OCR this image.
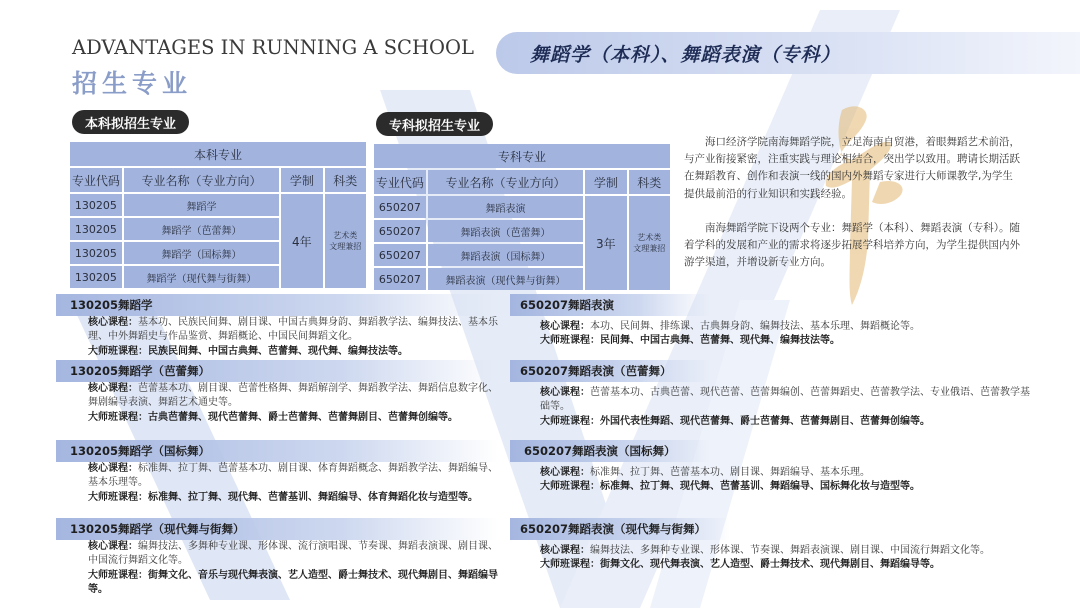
ADVANTAGES IN RUNNING A SCHOOL
招生专业
舞蹈学（本科）、舞蹈表演（专科）
本科拟招生专业	专科拟招生专业
本科专业			
专业代码	专业名称（专业方向）	学制	科类
130205	舞蹈学	4年	艺术类
文理兼招
130205	舞蹈学（芭蕾舞）		
130205	舞蹈学（国标舞）		
130205	舞蹈学（现代舞与街舞）		
专科专业			
专业代码	专业名称（专业方向）	学制	科类
650207	舞蹈表演	3年	艺术类
文理兼招
650207	舞蹈表演（芭蕾舞）		
650207	舞蹈表演（国标舞）		
650207	舞蹈表演（现代舞与街舞）		

海口经济学院南海舞蹈学院，立足海南自贸港，着眼舞蹈艺术前沿，与产业衔接紧密，注重实践与理论相结合，突出学以致用。聘请长期活跃在舞蹈教育、创作和表演一线的国内外舞蹈专家进行大师课教学,为学生提供最前沿的行业知识和实践经验。

南海舞蹈学院下设两个专业：舞蹈学（本科）、舞蹈表演（专科）。随着学科的发展和产业的需求将逐步拓展学科培养方向，为学生提供国内外游学渠道，并增设新专业方向。

130205舞蹈学
核心课程：基本功、民族民间舞、剧目课、中国古典舞身韵、舞蹈教学法、编舞技法、基本乐理、中外舞蹈史与作品鉴赏、舞蹈概论、中国民间舞蹈文化。
大师班课程：民族民间舞、中国古典舞、芭蕾舞、现代舞、编舞技法等。
130205舞蹈学（芭蕾舞）
核心课程：芭蕾基本功、剧目课、芭蕾性格舞、舞蹈解剖学、舞蹈教学法、舞蹈信息数字化、舞剧编导表演、舞蹈艺术通史等。
大师班课程：古典芭蕾舞、现代芭蕾舞、爵士芭蕾舞、芭蕾舞剧目、芭蕾舞创编等。
130205舞蹈学（国标舞）
核心课程：标准舞、拉丁舞、芭蕾基本功、剧目课、体育舞蹈概念、舞蹈教学法、舞蹈编导、基本乐理等。
大师班课程：标准舞、拉丁舞、现代舞、芭蕾基训、舞蹈编导、体育舞蹈化妆与造型等。
130205舞蹈学（现代舞与街舞）
核心课程：编舞技法、多舞种专业课、形体课、流行演唱课、节奏课、舞蹈表演课、剧目课、中国流行舞蹈文化等。
大师班课程：街舞文化、音乐与现代舞表演、艺人造型、爵士舞技术、现代舞剧目、舞蹈编导等。
650207舞蹈表演
核心课程：本功、民间舞、排练课、古典舞身韵、编舞技法、基本乐理、舞蹈概论等。
大师班课程：民间舞、中国古典舞、芭蕾舞、现代舞、编舞技法等。
650207舞蹈表演（芭蕾舞）
核心课程：芭蕾基本功、古典芭蕾、现代芭蕾、芭蕾舞编创、芭蕾舞蹈史、芭蕾教学法、专业俄语、芭蕾教学基础等。
大师班课程：外国代表性舞蹈、现代芭蕾舞、爵士芭蕾舞、芭蕾舞剧目、芭蕾舞创编等。
650207舞蹈表演（国标舞）
核心课程：标准舞、拉丁舞、芭蕾基本功、剧目课、舞蹈编导、基本乐理。
大师班课程：标准舞、拉丁舞、现代舞、芭蕾基训、舞蹈编导、国标舞化妆与造型等。
650207舞蹈表演（现代舞与街舞）
核心课程：编舞技法、多舞种专业课、形体课、节奏课、舞蹈表演课、剧目课、中国流行舞蹈文化等。
大师班课程：街舞文化、现代舞表演、艺人造型、爵士舞技术、现代舞剧目、舞蹈编导等。
